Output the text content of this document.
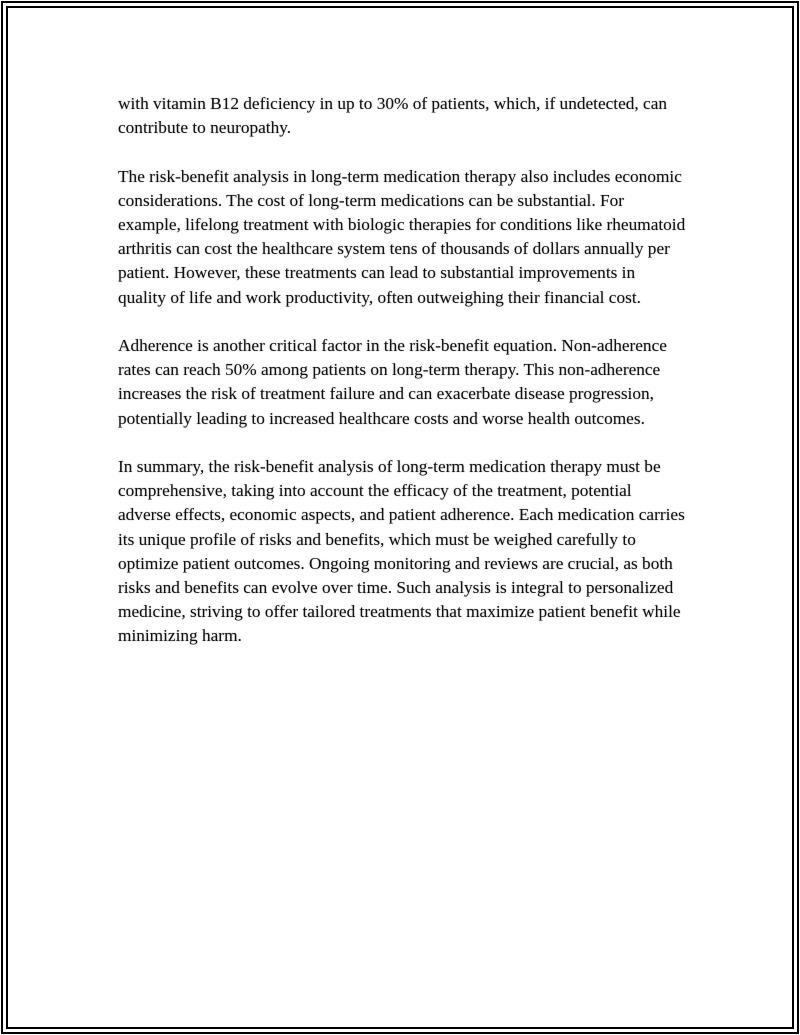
with vitamin B12 deficiency in up to 30% of patients, which, if undetected, can contribute to neuropathy.

The risk-benefit analysis in long-term medication therapy also includes economic considerations. The cost of long-term medications can be substantial. For example, lifelong treatment with biologic therapies for conditions like rheumatoid arthritis can cost the healthcare system tens of thousands of dollars annually per patient. However, these treatments can lead to substantial improvements in quality of life and work productivity, often outweighing their financial cost.

Adherence is another critical factor in the risk-benefit equation. Non-adherence rates can reach 50% among patients on long-term therapy. This non-adherence increases the risk of treatment failure and can exacerbate disease progression, potentially leading to increased healthcare costs and worse health outcomes.

In summary, the risk-benefit analysis of long-term medication therapy must be comprehensive, taking into account the efficacy of the treatment, potential adverse effects, economic aspects, and patient adherence. Each medication carries its unique profile of risks and benefits, which must be weighed carefully to optimize patient outcomes. Ongoing monitoring and reviews are crucial, as both risks and benefits can evolve over time. Such analysis is integral to personalized medicine, striving to offer tailored treatments that maximize patient benefit while minimizing harm.
